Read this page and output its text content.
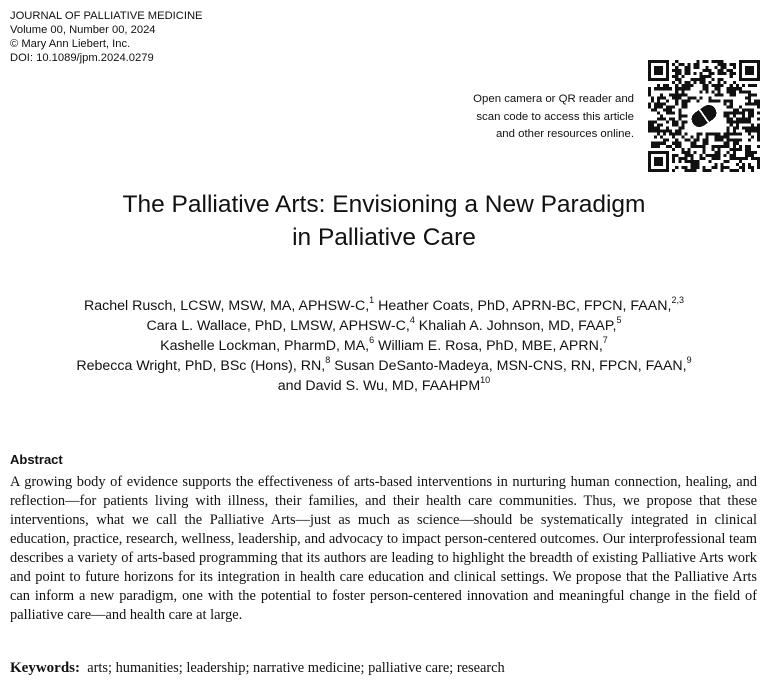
JOURNAL OF PALLIATIVE MEDICINE
Volume 00, Number 00, 2024
© Mary Ann Liebert, Inc.
DOI: 10.1089/jpm.2024.0279
Open camera or QR reader and
scan code to access this article
and other resources online.
The Palliative Arts: Envisioning a New Paradigm
in Palliative Care
Rachel Rusch, LCSW, MSW, MA, APHSW-C,$^1$ Heather Coats, PhD, APRN-BC, FPCN, FAAN,$^{2,3}$
Cara L. Wallace, PhD, LMSW, APHSW-C,$^4$ Khaliah A. Johnson, MD, FAAP,$^5$
Kashelle Lockman, PharmD, MA,$^6$ William E. Rosa, PhD, MBE, APRN,$^7$
Rebecca Wright, PhD, BSc (Hons), RN,$^8$ Susan DeSanto-Madeya, MSN-CNS, RN, FPCN, FAAN,$^9$
and David S. Wu, MD, FAAHPM$^{10}$
Abstract
A growing body of evidence supports the effectiveness of arts-based interventions in nurturing human connection, healing, and reflection—for patients living with illness, their families, and their health care communities. Thus, we propose that these interventions, what we call the Palliative Arts—just as much as science—should be systematically integrated in clinical education, practice, research, wellness, leadership, and advocacy to impact person-centered outcomes. Our interprofessional team describes a variety of arts-based programming that its authors are leading to highlight the breadth of existing Palliative Arts work and point to future horizons for its integration in health care education and clinical settings. We propose that the Palliative Arts can inform a new paradigm, one with the potential to foster person-centered innovation and meaningful change in the field of palliative care—and health care at large.
Keywords: arts; humanities; leadership; narrative medicine; palliative care; research
